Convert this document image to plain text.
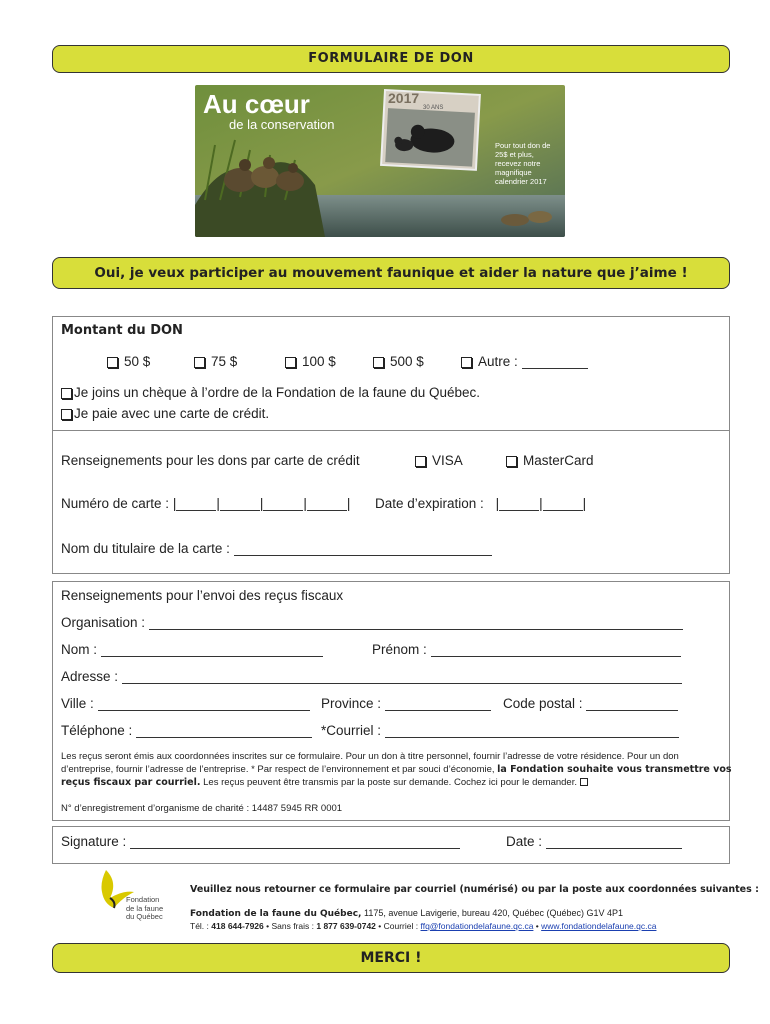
FORMULAIRE DE DON
Au cœur
de la conservation
2017
30 ANS
Pour tout don de 25$ et plus, recevez notre magnifique calendrier 2017
Oui, je veux participer au mouvement faunique et aider la nature que j’aime !
Montant du DON
50 $	75 $	100 $	500 $	Autre :
Je joins un chèque à l’ordre de la Fondation de la faune du Québec.
Je paie avec une carte de crédit.
Renseignements pour les dons par carte de crédit	VISA	MasterCard
Numéro de carte : |	|	|	|	| Date d’expiration : |	|	|
Nom du titulaire de la carte :
Renseignements pour l’envoi des reçus fiscaux
Organisation :
Nom :	Prénom :
Adresse :
Ville :	Province :	Code postal :
Téléphone :	*Courriel :
Les reçus seront émis aux coordonnées inscrites sur ce formulaire. Pour un don à titre personnel, fournir l’adresse de votre résidence. Pour un don
d’entreprise, fournir l’adresse de l’entreprise. * Par respect de l’environnement et par souci d’économie, la Fondation souhaite vous transmettre vos
reçus fiscaux par courriel. Les reçus peuvent être transmis par la poste sur demande. Cochez ici pour le demander.
N° d’enregistrement d’organisme de charité : 14487 5945 RR 0001
Signature :	Date :
Fondation
de la faune
du Québec
Veuillez nous retourner ce formulaire par courriel (numérisé) ou par la poste aux coordonnées suivantes :
Fondation de la faune du Québec, 1175, avenue Lavigerie, bureau 420, Québec (Québec) G1V 4P1
Tél. : 418 644-7926 • Sans frais : 1 877 639-0742 • Courriel : ffq@fondationdelafaune.qc.ca • www.fondationdelafaune.qc.ca
MERCI !
